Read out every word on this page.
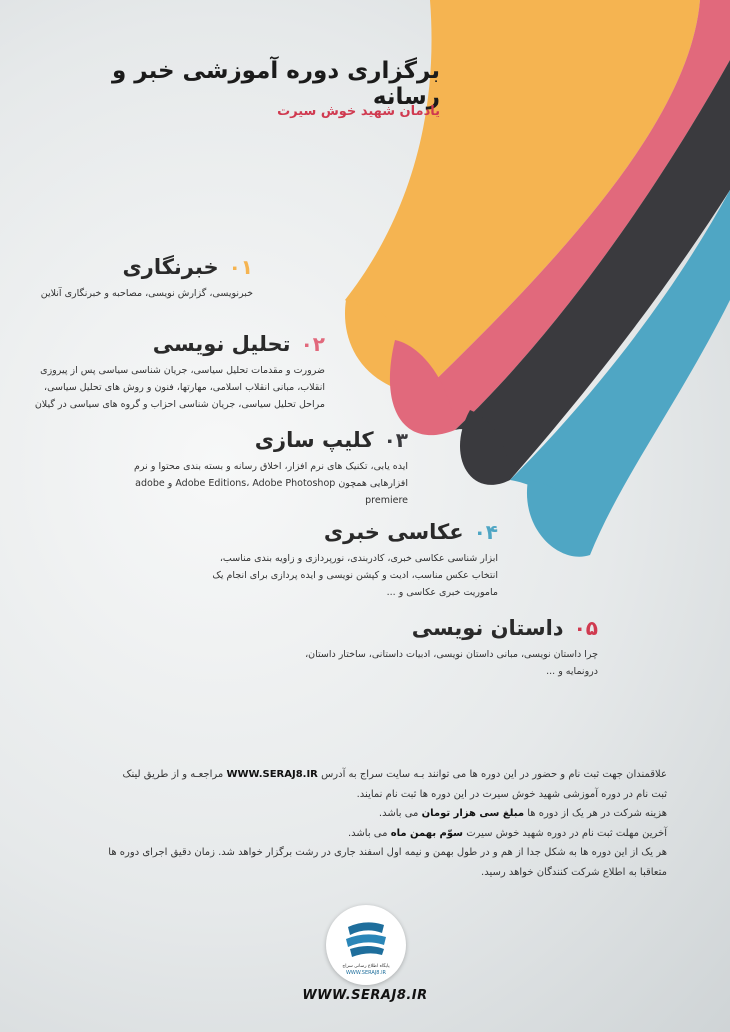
برگزاری دوره آموزشی خبر و رسانه
یادمان شهید خوش سیرت
۰۱
خبرنگاری
خبرنویسی، گزارش نویسی، مصاحبه و خبرنگاری آنلاین
۰۲
تحلیل نویسی
ضرورت و مقدمات تحلیل سیاسی، جریان شناسی سیاسی پس از پیروزی
انقلاب، مبانی انقلاب اسلامی، مهارتها، فنون و روش های تحلیل سیاسی،
مراحل تحلیل سیاسی، جریان شناسی احزاب و گروه های سیاسی در گیلان
۰۳
کلیپ سازی
ایده یابی، تکنیک های نرم افزار، اخلاق رسانه و بسته بندی محتوا و نرم
افزارهایی همچون Adobe Editions، Adobe Photoshop و adobe
premiere
۰۴
عکاسی خبری
ابزار شناسی عکاسی خبری، کادربندی، نورپردازی و زاویه بندی مناسب،
انتخاب عکس مناسب، ادیت و کپشن نویسی و ایده پردازی برای انجام یک
ماموریت خبری عکاسی و ...
۰۵
داستان نویسی
چرا داستان نویسی، مبانی داستان نویسی، ادبیات داستانی، ساختار داستان،
درونمایه و ...

علاقمندان جهت ثبت نام و حضور در این دوره ها می توانند بـه سایت سراج به آدرس WWW.SERAJ8.IR مراجعـه و از طریق لینک

ثبت نام در دوره آموزشی شهید خوش سیرت در این دوره ها ثبت نام نمایند.

هزینه شرکت در هر یک از دوره ها مبلغ سی هزار تومان می باشد.

آخرین مهلت ثبت نام در دوره شهید خوش سیرت سوّم بهمن ماه می باشد.

هر یک از این دوره ها به شکل جدا از هم و در طول بهمن و نیمه اول اسفند جاری در رشت برگزار خواهد شد. زمان دقیق اجرای دوره ها

متعاقبا به اطلاع شرکت کنندگان خواهد رسید.

پایگاه اطلاع رسانی سراج
WWW.SERAJ8.IR
WWW.SERAJ8.IR
